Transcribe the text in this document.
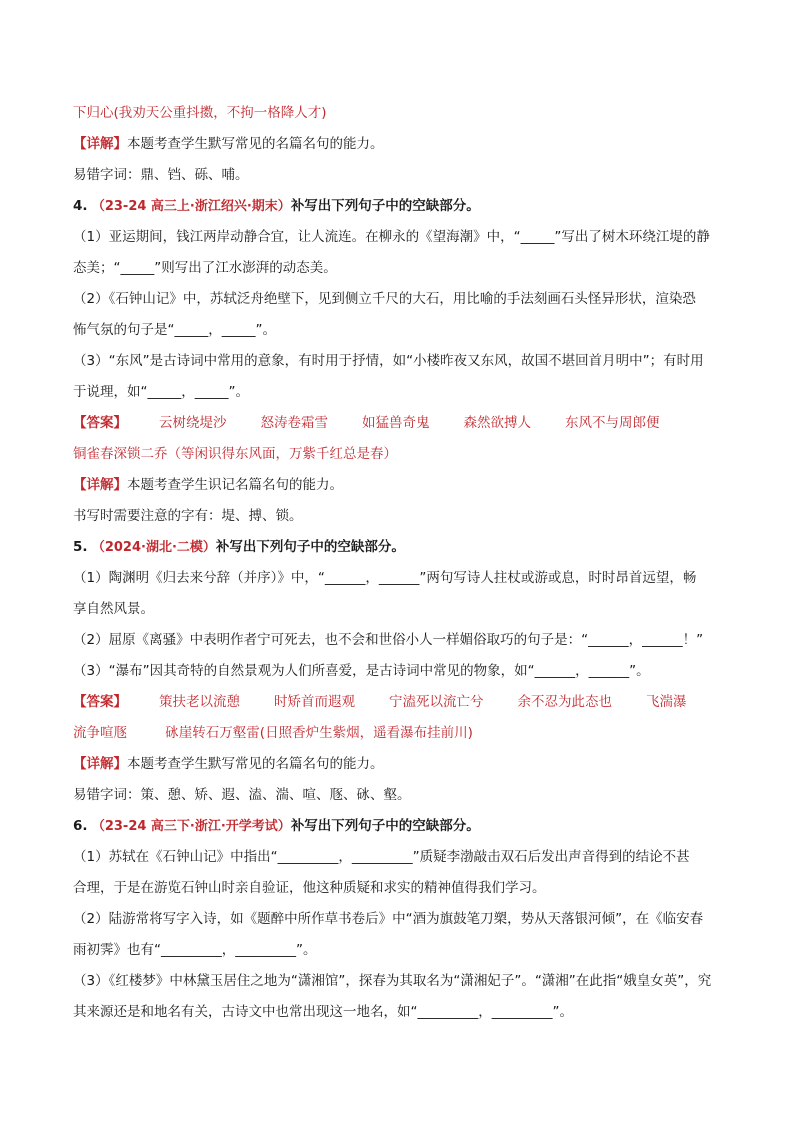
下归心(我劝天公重抖擞，不拘一格降人才)
【详解】本题考查学生默写常见的名篇名句的能力。
易错字词：鼎、铛、砾、哺。
4. （23-24 高三上·浙江绍兴·期末）补写出下列句子中的空缺部分。
（1）亚运期间，钱江两岸动静合宜，让人流连。在柳永的《望海潮》中，“_____”写出了树木环绕江堤的静
态美；“_____”则写出了江水澎湃的动态美。
（2）《石钟山记》中，苏轼泛舟绝壁下，见到侧立千尺的大石，用比喻的手法刻画石头怪异形状，渲染恐
怖气氛的句子是“_____，_____”。
（3）“东风”是古诗词中常用的意象，有时用于抒情，如“小楼昨夜又东风，故国不堪回首月明中”；有时用
于说理，如“_____，_____”。
【答案】 云树绕堤沙	怒涛卷霜雪	如猛兽奇鬼	森然欲搏人	东风不与周郎便
铜雀春深锁二乔（等闲识得东风面，万紫千红总是春）
【详解】本题考查学生识记名篇名句的能力。
书写时需要注意的字有：堤、搏、锁。
5. （2024·湖北·二模）补写出下列句子中的空缺部分。
（1）陶渊明《归去来兮辞（并序）》中，“______，______”两句写诗人拄杖或游或息，时时昂首远望，畅
享自然风景。
（2）屈原《离骚》中表明作者宁可死去，也不会和世俗小人一样媚俗取巧的句子是：“______，______！”
（3）“瀑布”因其奇特的自然景观为人们所喜爱，是古诗词中常见的物象，如“______，______”。
【答案】 策扶老以流憩	时矫首而遐观	宁溘死以流亡兮	余不忍为此态也	飞湍瀑
流争喧豗	砯崖转石万壑雷(日照香炉生紫烟，遥看瀑布挂前川)
【详解】本题考查学生默写常见的名篇名句的能力。
易错字词：策、憩、矫、遐、溘、湍、喧、豗、砯、壑。
6. （23-24 高三下·浙江·开学考试）补写出下列句子中的空缺部分。
（1）苏轼在《石钟山记》中指出“_________，_________”质疑李渤敲击双石后发出声音得到的结论不甚
合理，于是在游览石钟山时亲自验证，他这种质疑和求实的精神值得我们学习。
（2）陆游常将写字入诗，如《题醉中所作草书卷后》中“酒为旗鼓笔刀槊，势从天落银河倾”，在《临安春
雨初霁》也有“_________，_________”。
（3）《红楼梦》中林黛玉居住之地为“潇湘馆”，探春为其取名为“潇湘妃子”。“潇湘”在此指“娥皇女英”，究
其来源还是和地名有关，古诗文中也常出现这一地名，如“_________，_________”。
